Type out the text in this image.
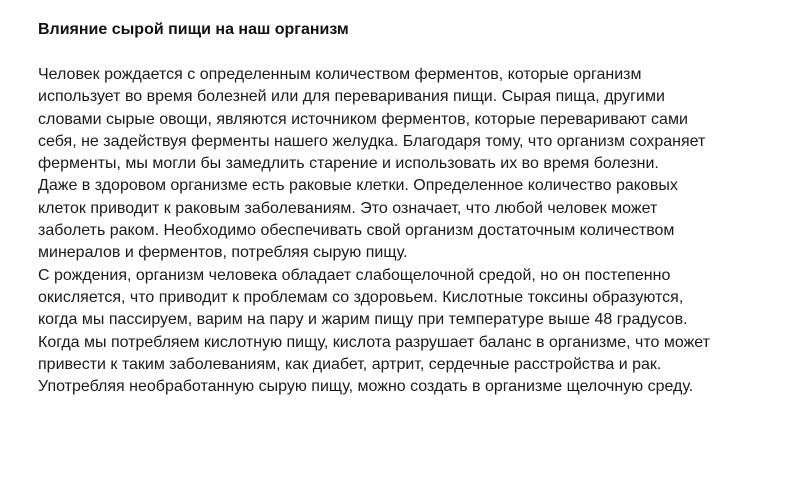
Влияние сырой пищи на наш организм

Человек рождается с определенным количеством ферментов, которые организм
использует во время болезней или для переваривания пищи. Сырая пища, другими
словами сырые овощи, являются источником ферментов, которые переваривают сами
себя, не задействуя ферменты нашего желудка. Благодаря тому, что организм сохраняет
ферменты, мы могли бы замедлить старение и использовать их во время болезни.

Даже в здоровом организме есть раковые клетки. Определенное количество раковых
клеток приводит к раковым заболеваниям. Это означает, что любой человек может
заболеть раком. Необходимо обеспечивать свой организм достаточным количеством
минералов и ферментов, потребляя сырую пищу.

С рождения, организм человека обладает слабощелочной средой, но он постепенно
окисляется, что приводит к проблемам со здоровьем. Кислотные токсины образуются,
когда мы пассируем, варим на пару и жарим пищу при температуре выше 48 градусов.
Когда мы потребляем кислотную пищу, кислота разрушает баланс в организме, что может
привести к таким заболеваниям, как диабет, артрит, сердечные расстройства и рак.
Употребляя необработанную сырую пищу, можно создать в организме щелочную среду.
